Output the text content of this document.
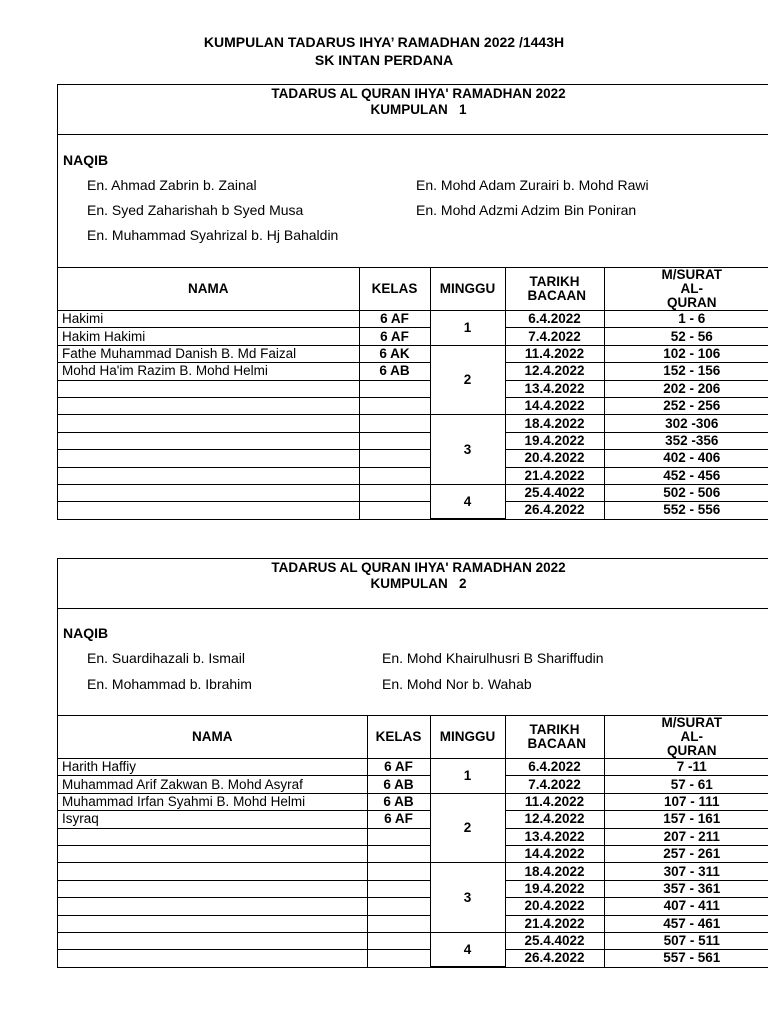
KUMPULAN TADARUS IHYA’ RAMADHAN 2022 /1443H
SK INTAN PERDANA
TADARUS AL QURAN IHYA' RAMADHAN 2022
KUMPULAN   1
NAQIB
En. Ahmad Zabrin b. Zainal	En. Mohd Adam Zurairi b. Mohd Rawi
En. Syed Zaharishah b Syed Musa	En. Mohd Adzmi Adzim Bin Poniran
En. Muhammad Syahrizal b. Hj Bahaldin
NAMA	KELAS	MINGGU	TARIKH BACAAN	M/SURAT AL- QURAN
Hakimi	6 AF	1	6.4.2022	1 - 6
Hakim Hakimi	6 AF		7.4.2022	52 - 56
Fathe Muhammad Danish B. Md Faizal	6 AK	2	11.4.2022	102 - 106
Mohd Ha'im Razim B. Mohd Helmi	6 AB		12.4.2022	152 - 156
			13.4.2022	202 - 206
			14.4.2022	252 - 256
		3	18.4.2022	302 -306
			19.4.2022	352 -356
			20.4.2022	402 - 406
			21.4.2022	452 - 456
		4	25.4.4022	502 - 506
			26.4.2022	552 - 556
TADARUS AL QURAN IHYA' RAMADHAN 2022
KUMPULAN   2
NAQIB
En. Suardihazali b. Ismail	En. Mohd Khairulhusri B Shariffudin
En. Mohammad b. Ibrahim	En. Mohd Nor b. Wahab
NAMA	KELAS	MINGGU	TARIKH BACAAN	M/SURAT AL- QURAN
Harith Haffiy	6 AF	1	6.4.2022	7 -11
Muhammad Arif Zakwan B. Mohd Asyraf	6 AB		7.4.2022	57 - 61
Muhammad Irfan Syahmi B. Mohd Helmi	6 AB	2	11.4.2022	107 - 111
Isyraq	6 AF		12.4.2022	157 - 161
			13.4.2022	207 - 211
			14.4.2022	257 - 261
		3	18.4.2022	307 - 311
			19.4.2022	357 - 361
			20.4.2022	407 - 411
			21.4.2022	457 - 461
		4	25.4.4022	507 - 511
			26.4.2022	557 - 561
